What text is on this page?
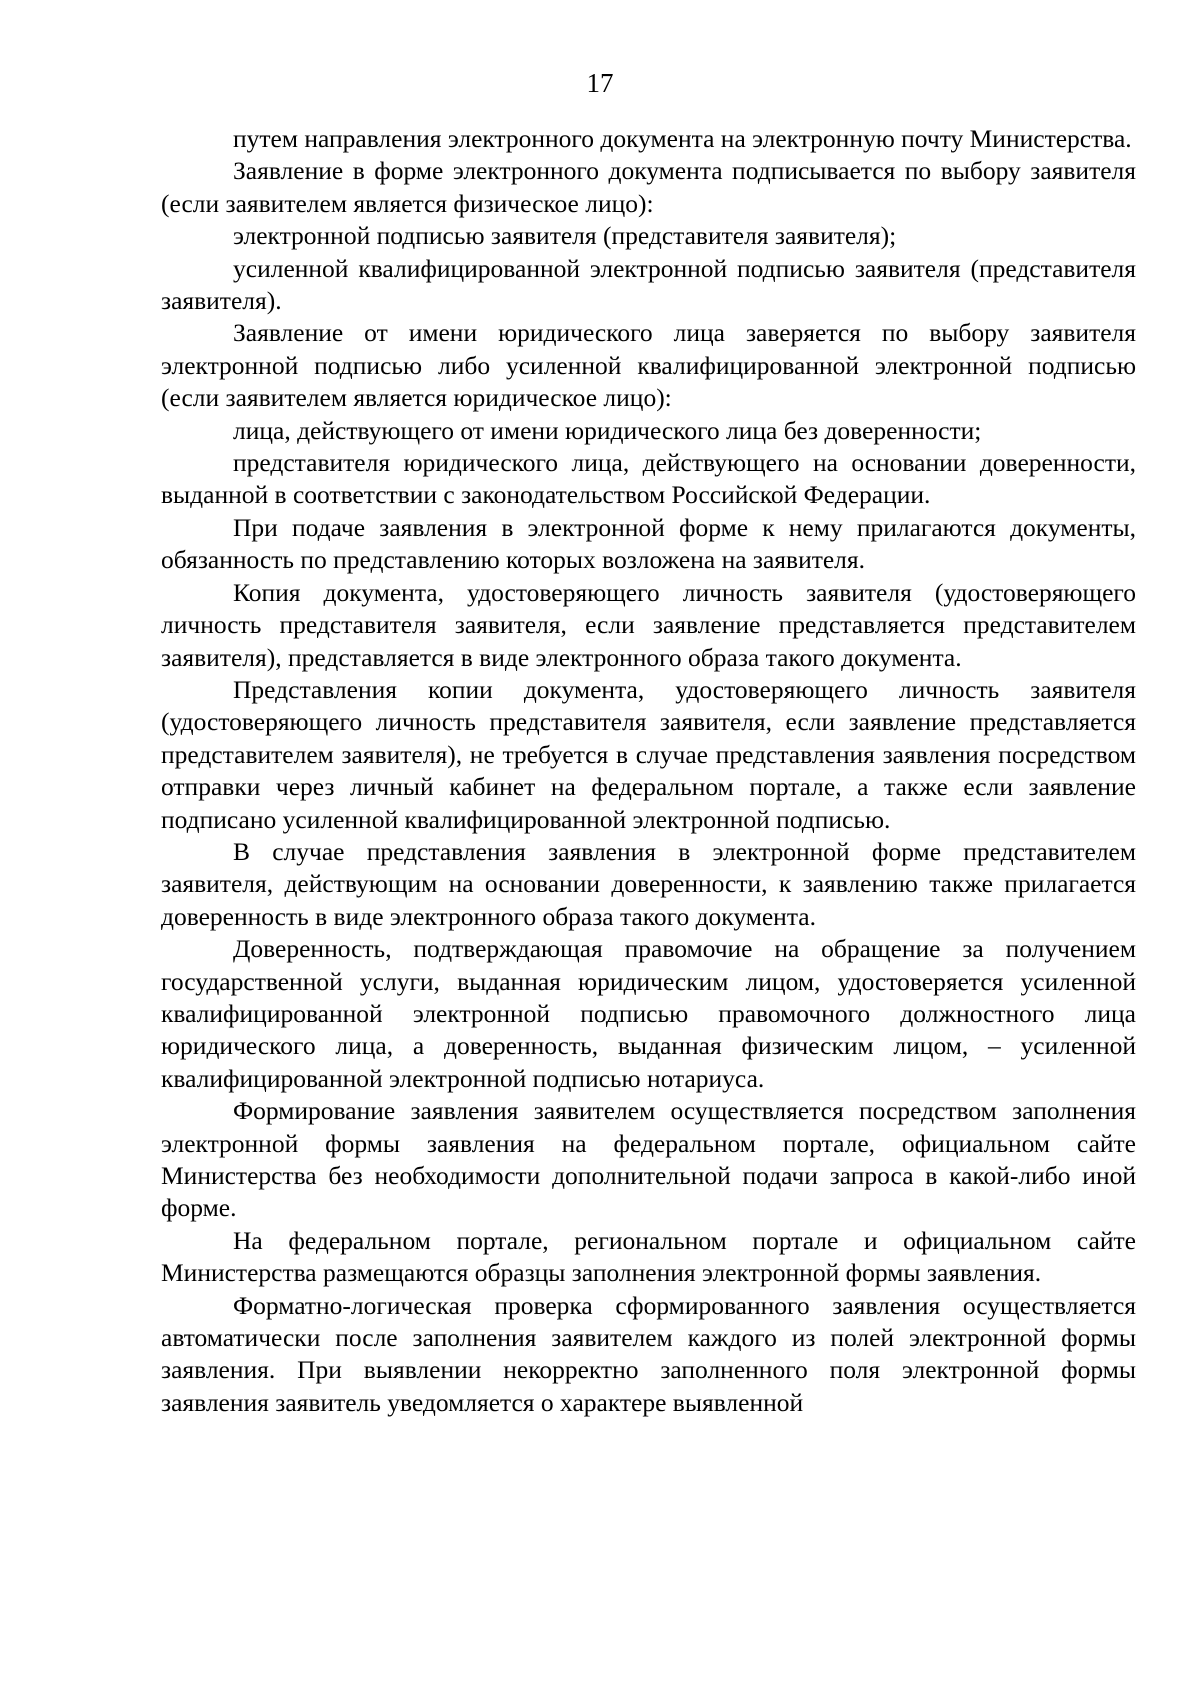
17

путем направления электронного документа на электронную почту Министерства.

Заявление в форме электронного документа подписывается по выбору заявителя (если заявителем является физическое лицо):

электронной подписью заявителя (представителя заявителя);

усиленной квалифицированной электронной подписью заявителя (представителя заявителя).

Заявление от имени юридического лица заверяется по выбору заявителя электронной подписью либо усиленной квалифицированной электронной подписью (если заявителем является юридическое лицо):

лица, действующего от имени юридического лица без доверенности;

представителя юридического лица, действующего на основании доверенности, выданной в соответствии с законодательством Российской Федерации.

При подаче заявления в электронной форме к нему прилагаются документы, обязанность по представлению которых возложена на заявителя.

Копия документа, удостоверяющего личность заявителя (удостоверяющего личность представителя заявителя, если заявление представляется представителем заявителя), представляется в виде электронного образа такого документа.

Представления копии документа, удостоверяющего личность заявителя (удостоверяющего личность представителя заявителя, если заявление представляется представителем заявителя), не требуется в случае представления заявления посредством отправки через личный кабинет на федеральном портале, а также если заявление подписано усиленной квалифицированной электронной подписью.

В случае представления заявления в электронной форме представителем заявителя, действующим на основании доверенности, к заявлению также прилагается доверенность в виде электронного образа такого документа.

Доверенность, подтверждающая правомочие на обращение за получением государственной услуги, выданная юридическим лицом, удостоверяется усиленной квалифицированной электронной подписью правомочного должностного лица юридического лица, а доверенность, выданная физическим лицом, – усиленной квалифицированной электронной подписью нотариуса.

Формирование заявления заявителем осуществляется посредством заполнения электронной формы заявления на федеральном портале, официальном сайте Министерства без необходимости дополнительной подачи запроса в какой-либо иной форме.

На федеральном портале, региональном портале и официальном сайте Министерства размещаются образцы заполнения электронной формы заявления.

Форматно-логическая проверка сформированного заявления осуществляется автоматически после заполнения заявителем каждого из полей электронной формы заявления. При выявлении некорректно заполненного поля электронной формы заявления заявитель уведомляется о характере выявленной
